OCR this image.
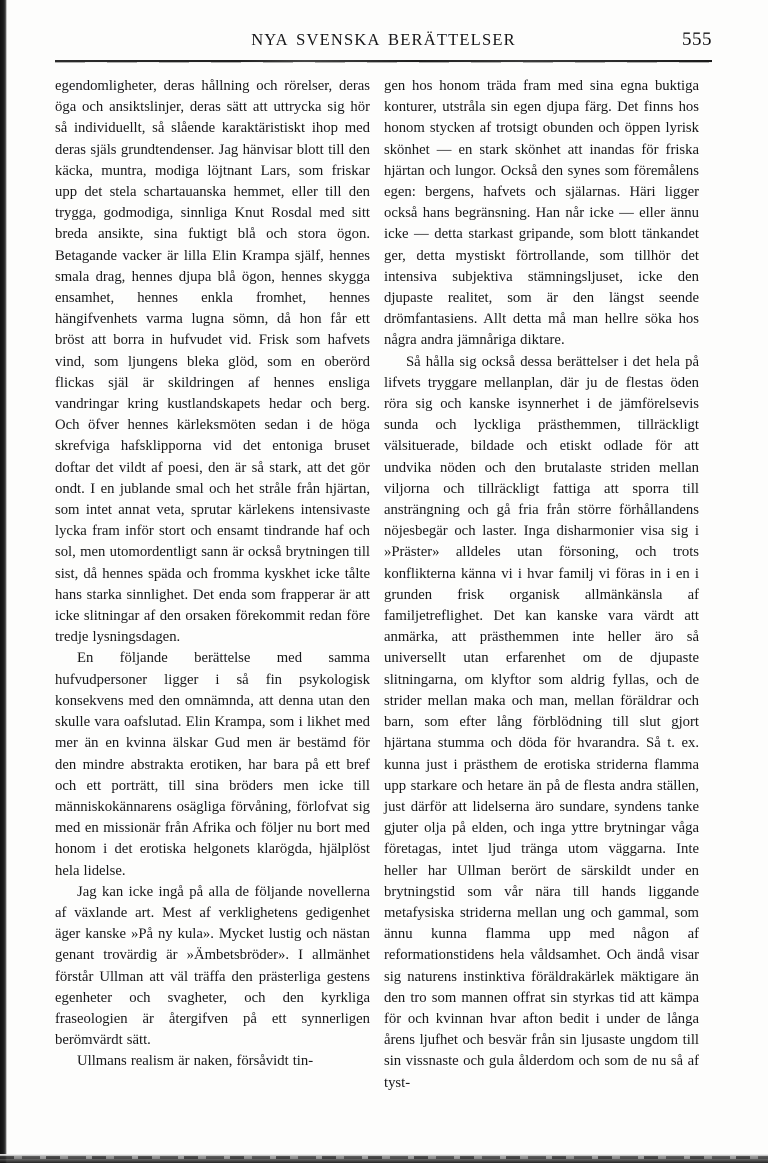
NYA SVENSKA BERÄTTELSER	555

egendomligheter, deras hållning och rörelser, deras öga och ansiktslinjer, deras sätt att uttrycka sig hör så individuellt, så slående karaktäristiskt ihop med deras själs grundtendenser. Jag hänvisar blott till den käcka, muntra, modiga löjtnant Lars, som friskar upp det stela schartauanska hemmet, eller till den trygga, godmodiga, sinnliga Knut Rosdal med sitt breda ansikte, sina fuktigt blå och stora ögon. Betagande vacker är lilla Elin Krampa själf, hennes smala drag, hennes djupa blå ögon, hennes skygga ensamhet, hennes enkla fromhet, hennes hängifvenhets varma lugna sömn, då hon får ett bröst att borra in hufvudet vid. Frisk som hafvets vind, som ljungens bleka glöd, som en oberörd flickas själ är skildringen af hennes ensliga vandringar kring kustlandskapets hedar och berg. Och öfver hennes kärleksmöten sedan i de höga skrefviga hafsklipporna vid det entoniga bruset doftar det vildt af poesi, den är så stark, att det gör ondt. I en jublande smal och het stråle från hjärtan, som intet annat veta, sprutar kärlekens intensivaste lycka fram inför stort och ensamt tindrande haf och sol, men utomordentligt sann är också brytningen till sist, då hennes späda och fromma kyskhet icke tålte hans starka sinnlighet. Det enda som frapperar är att icke slitningar af den orsaken förekommit redan före tredje lysningsdagen.

En följande berättelse med samma hufvudpersoner ligger i så fin psykologisk konsekvens med den omnämnda, att denna utan den skulle vara oafslutad. Elin Krampa, som i likhet med mer än en kvinna älskar Gud men är bestämd för den mindre abstrakta erotiken, har bara på ett bref och ett porträtt, till sina bröders men icke till människokännarens osägliga förvåning, förlofvat sig med en missionär från Afrika och följer nu bort med honom i det erotiska helgonets klarögda, hjälplöst hela lidelse.

Jag kan icke ingå på alla de följande novellerna af växlande art. Mest af verklighetens gedigenhet äger kanske »På ny kula». Mycket lustig och nästan genant trovärdig är »Ämbetsbröder». I allmänhet förstår Ullman att väl träffa den prästerliga gestens egenheter och svagheter, och den kyrkliga fraseologien är återgifven på ett synnerligen berömvärdt sätt.

Ullmans realism är naken, försåvidt tin-

gen hos honom träda fram med sina egna buktiga konturer, utstråla sin egen djupa färg. Det finns hos honom stycken af trotsigt obunden och öppen lyrisk skönhet — en stark skönhet att inandas för friska hjärtan och lungor. Också den synes som föremålens egen: bergens, hafvets och själarnas. Häri ligger också hans begränsning. Han når icke — eller ännu icke — detta starkast gripande, som blott tänkandet ger, detta mystiskt förtrollande, som tillhör det intensiva subjektiva stämningsljuset, icke den djupaste realitet, som är den längst seende drömfantasiens. Allt detta må man hellre söka hos några andra jämnåriga diktare.

Så hålla sig också dessa berättelser i det hela på lifvets tryggare mellanplan, där ju de flestas öden röra sig och kanske isynnerhet i de jämförelsevis sunda och lyckliga prästhemmen, tillräckligt välsituerade, bildade och etiskt odlade för att undvika nöden och den brutalaste striden mellan viljorna och tillräckligt fattiga att sporra till ansträngning och gå fria från större förhållandens nöjesbegär och laster. Inga disharmonier visa sig i »Präster» alldeles utan försoning, och trots konflikterna känna vi i hvar familj vi föras in i en i grunden frisk organisk allmänkänsla af familjetreflighet. Det kan kanske vara värdt att anmärka, att prästhemmen inte heller äro så universellt utan erfarenhet om de djupaste slitningarna, om klyftor som aldrig fyllas, och de strider mellan maka och man, mellan föräldrar och barn, som efter lång förblödning till slut gjort hjärtana stumma och döda för hvarandra. Så t. ex. kunna just i prästhem de erotiska striderna flamma upp starkare och hetare än på de flesta andra ställen, just därför att lidelserna äro sundare, syndens tanke gjuter olja på elden, och inga yttre brytningar våga företagas, intet ljud tränga utom väggarna. Inte heller har Ullman berört de särskildt under en brytningstid som vår nära till hands liggande metafysiska striderna mellan ung och gammal, som ännu kunna flamma upp med någon af reformationstidens hela våldsamhet. Och ändå visar sig naturens instinktiva föräldrakärlek mäktigare än den tro som mannen offrat sin styrkas tid att kämpa för och kvinnan hvar afton bedit i under de långa årens ljufhet och besvär från sin ljusaste ungdom till sin vissnaste och gula ålderdom och som de nu så af tyst-
